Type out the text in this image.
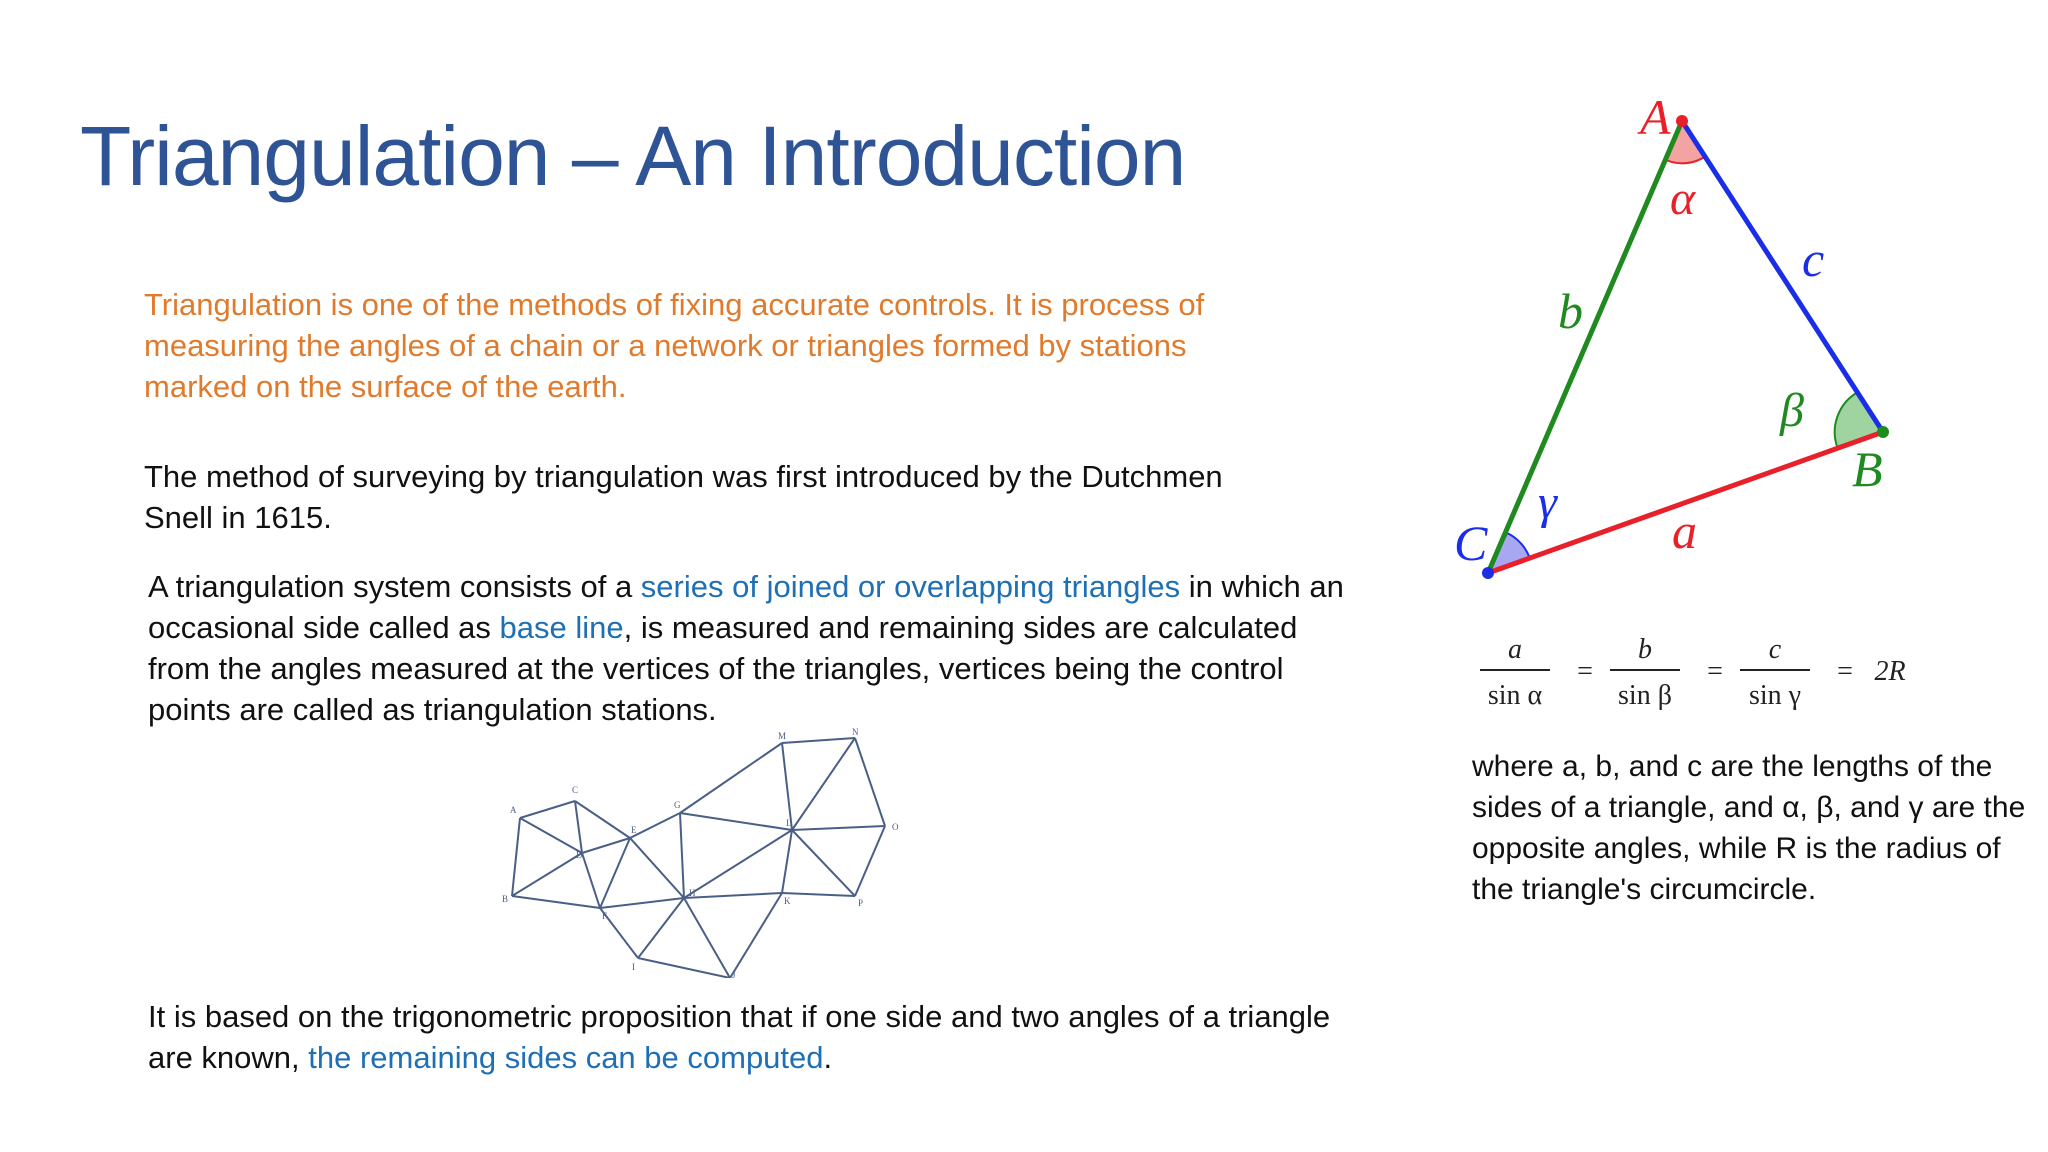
Triangulation – An Introduction
Triangulation is one of the methods of fixing accurate controls. It is process of measuring the angles of a chain or a network or triangles formed by stations marked on the surface of the earth.
The method of surveying by triangulation was first introduced by the Dutchmen Snell in 1615.
A triangulation system consists of a series of joined or overlapping triangles in which an occasional side called as base line, is measured and remaining sides are calculated from the angles measured at the vertices of the triangles, vertices being the control points are called as triangulation stations.
A
B
C
D
E
F
G
H
I
J
K
L
M	N
O
P
It is based on the trigonometric proposition that if one side and two angles of a triangle are known, the remaining sides can be computed.
A
B
C
α
β
γ
c
b
a
a
sin α
=
b
sin β
=
c
sin γ
= 2R
where a, b, and c are the lengths of the sides of a triangle, and α, β, and γ are the opposite angles, while R is the radius of the triangle's circumcircle.
